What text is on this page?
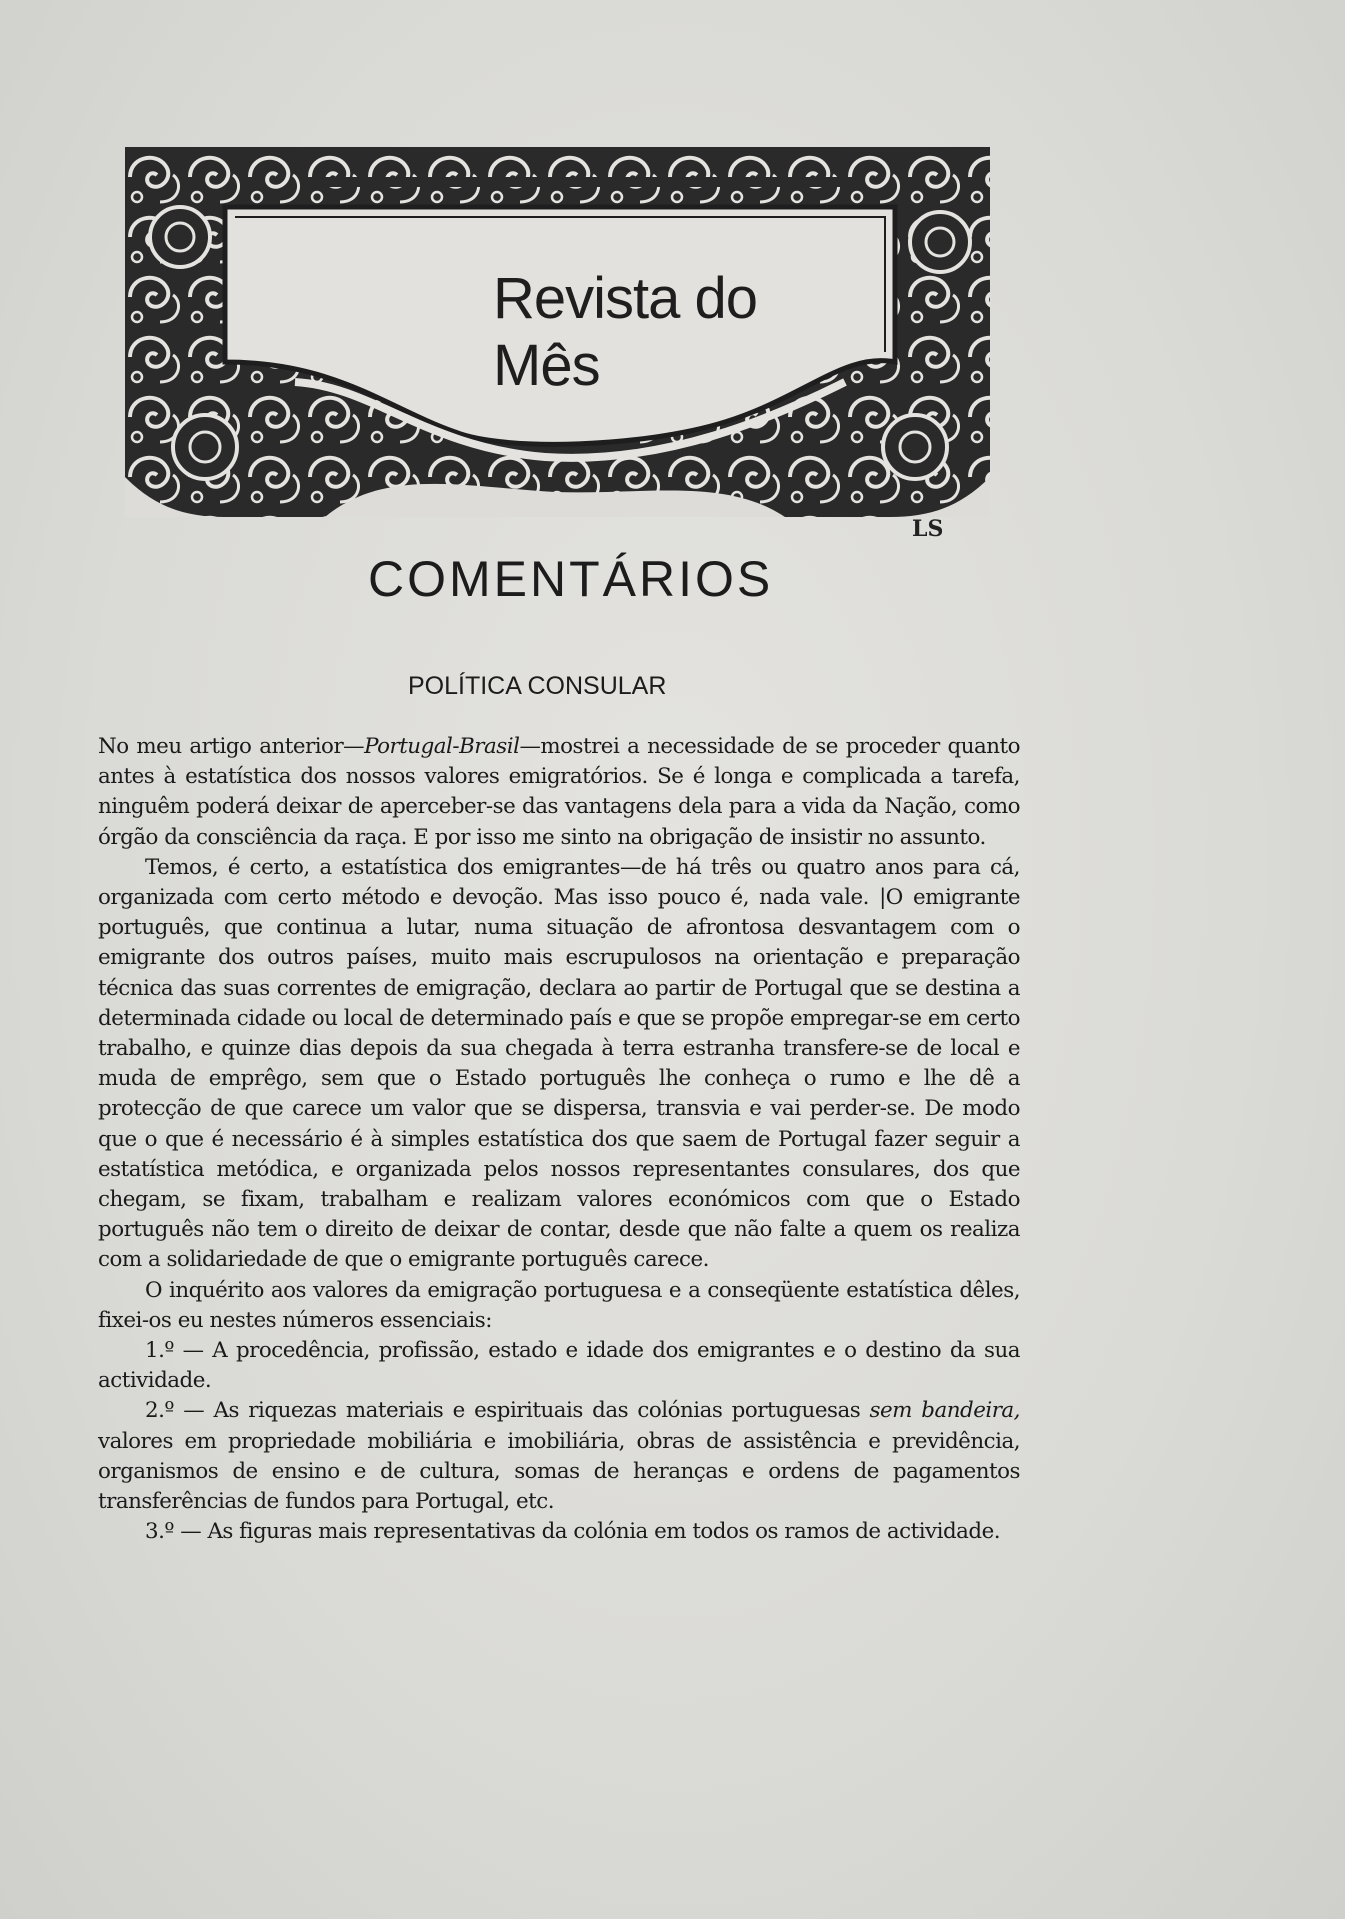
Revista do Mês
LS
COMENTÁRIOS
POLÍTICA CONSULAR

No meu artigo anterior—Portugal-Brasil—mostrei a necessidade de se proceder quanto antes à estatística dos nossos valores emigratórios. Se é longa e complicada a tarefa, ninguêm poderá deixar de aperceber-se das vantagens dela para a vida da Nação, como órgão da consciência da raça. E por isso me sinto na obrigação de insistir no assunto.

Temos, é certo, a estatística dos emigrantes—de há três ou quatro anos para cá, organizada com certo método e devoção. Mas isso pouco é, nada vale. |O emigrante português, que continua a lutar, numa situação de afrontosa desvantagem com o emigrante dos outros países, muito mais escrupulosos na orientação e preparação técnica das suas correntes de emigração, declara ao partir de Portugal que se destina a determinada cidade ou local de determinado país e que se propõe empregar-se em certo trabalho, e quinze dias depois da sua chegada à terra estranha transfere-se de local e muda de emprêgo, sem que o Estado português lhe conheça o rumo e lhe dê a protecção de que carece um valor que se dispersa, transvia e vai perder-se. De modo que o que é necessário é à simples estatística dos que saem de Portugal fazer seguir a estatística metódica, e organizada pelos nossos representantes consulares, dos que chegam, se fixam, trabalham e realizam valores económicos com que o Estado português não tem o direito de deixar de contar, desde que não falte a quem os realiza com a solidariedade de que o emigrante português carece.

O inquérito aos valores da emigração portuguesa e a conseqüente estatística dêles, fixei-os eu nestes números essenciais:

1.º — A procedência, profissão, estado e idade dos emigrantes e o destino da sua actividade.

2.º — As riquezas materiais e espirituais das colónias portuguesas sem bandeira, valores em propriedade mobiliária e imobiliária, obras de assistência e previdência, organismos de ensino e de cultura, somas de heranças e ordens de pagamentos transferências de fundos para Portugal, etc.

3.º — As figuras mais representativas da colónia em todos os ramos de actividade.
